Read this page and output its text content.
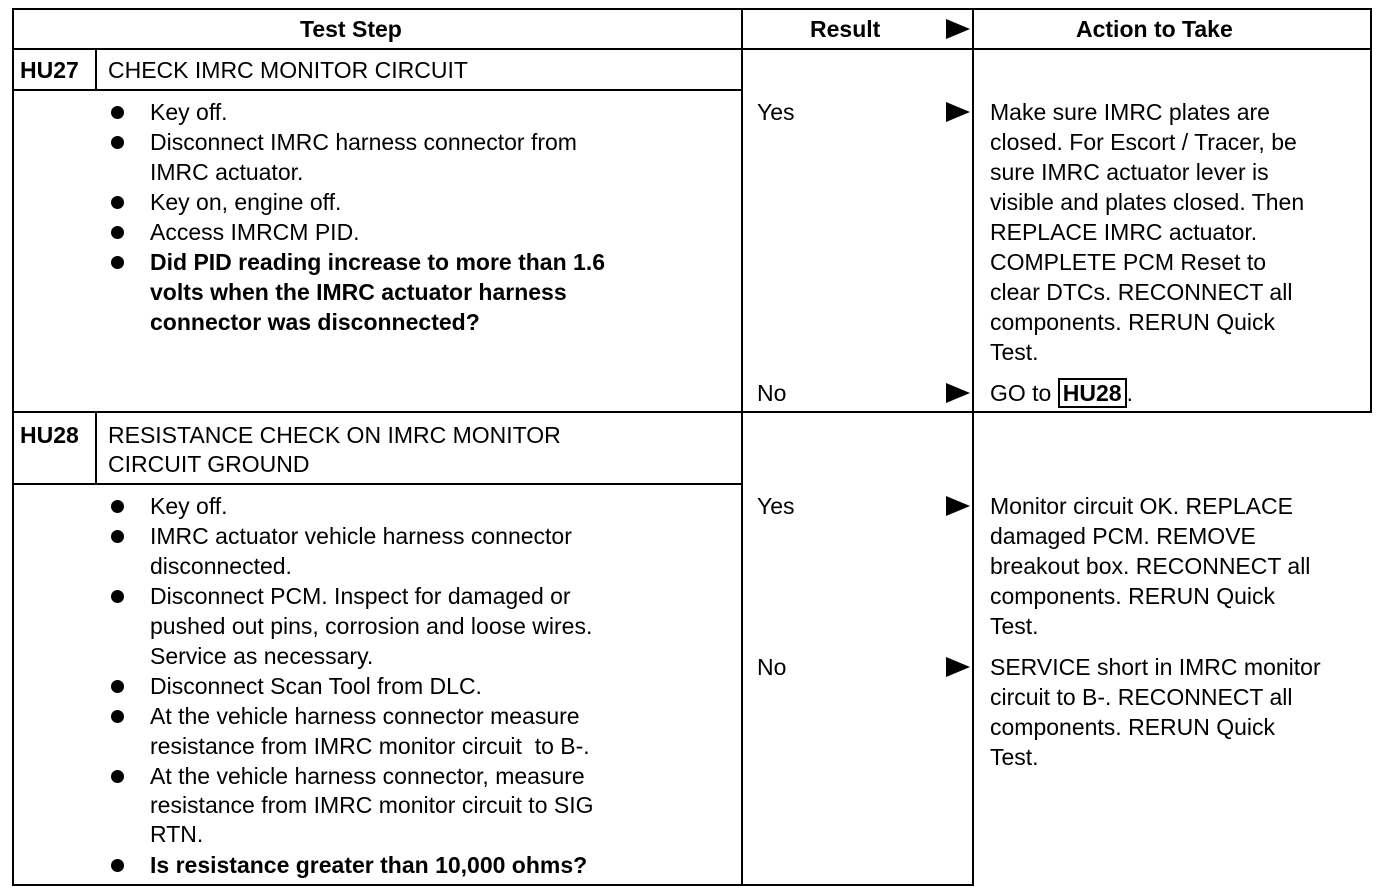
Test Step	Result	Action to Take
HU27 CHECK IMRC MONITOR CIRCUIT
Key off.
Disconnect IMRC harness connector from
IMRC actuator.
Key on, engine off.
Access IMRCM PID.
Did PID reading increase to more than 1.6
volts when the IMRC actuator harness
connector was disconnected?
Yes	Make sure IMRC plates are
closed. For Escort / Tracer, be
sure IMRC actuator lever is
visible and plates closed. Then
REPLACE IMRC actuator.
COMPLETE PCM Reset to
clear DTCs. RECONNECT all
components. RERUN Quick
Test.
No	GO to HU28 .
HU28 RESISTANCE CHECK ON IMRC MONITOR
CIRCUIT GROUND
Key off.
IMRC actuator vehicle harness connector
disconnected.
Disconnect PCM. Inspect for damaged or
pushed out pins, corrosion and loose wires.
Service as necessary.
Disconnect Scan Tool from DLC.
At the vehicle harness connector measure
resistance from IMRC monitor circuit  to B-.
At the vehicle harness connector, measure
resistance from IMRC monitor circuit to SIG
RTN.
Is resistance greater than 10,000 ohms?
Yes	Monitor circuit OK. REPLACE
damaged PCM. REMOVE
breakout box. RECONNECT all
components. RERUN Quick
Test.
No	SERVICE short in IMRC monitor
circuit to B-. RECONNECT all
components. RERUN Quick
Test.
